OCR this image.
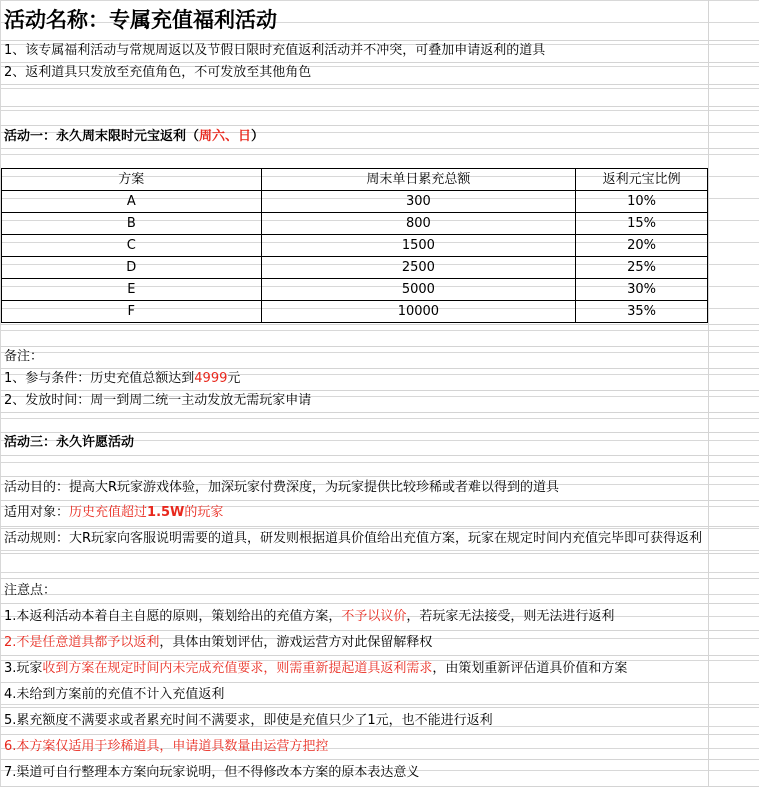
活动名称：专属充值福利活动
1、该专属福利活动与常规周返以及节假日限时充值返利活动并不冲突，可叠加申请返利的道具
2、返利道具只发放至充值角色，不可发放至其他角色
活动一：永久周末限时元宝返利（周六、日）
方案	周末单日累充总额	返利元宝比例
A	300	10%
B	800	15%
C	1500	20%
D	2500	25%
E	5000	30%
F	10000	35%
备注：
1、参与条件：历史充值总额达到4999元
2、发放时间：周一到周二统一主动发放无需玩家申请
活动三：永久许愿活动
活动目的：提高大R玩家游戏体验，加深玩家付费深度，为玩家提供比较珍稀或者难以得到的道具
适用对象：历史充值超过1.5W的玩家
活动规则：大R玩家向客服说明需要的道具，研发则根据道具价值给出充值方案，玩家在规定时间内充值完毕即可获得返利
注意点：
1.本返利活动本着自主自愿的原则，策划给出的充值方案，不予以议价，若玩家无法接受，则无法进行返利
2.不是任意道具都予以返利，具体由策划评估，游戏运营方对此保留解释权
3.玩家收到方案在规定时间内未完成充值要求，则需重新提起道具返利需求，由策划重新评估道具价值和方案
4.未给到方案前的充值不计入充值返利
5.累充额度不满要求或者累充时间不满要求，即使是充值只少了1元，也不能进行返利
6.本方案仅适用于珍稀道具，申请道具数量由运营方把控
7.渠道可自行整理本方案向玩家说明，但不得修改本方案的原本表达意义
